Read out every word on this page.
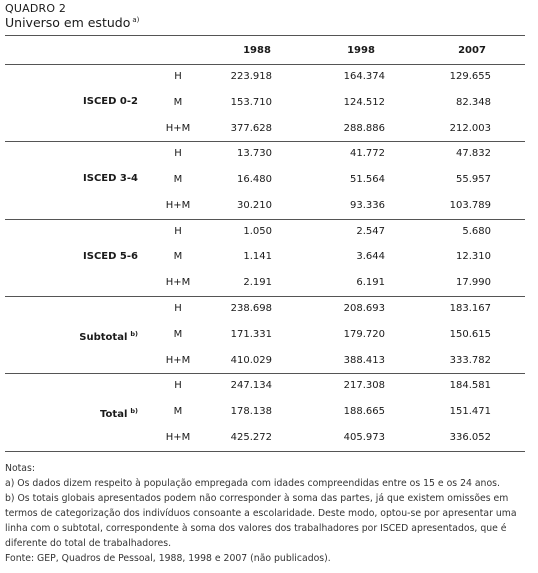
QUADRO 2
Universo em estudo $^{a)}$
1988	1998	2007
ISCED 0-2
H	223.918	164.374	129.655
M	153.710	124.512	82.348
H+M	377.628	288.886	212.003
ISCED 3-4
H	13.730	41.772	47.832
M	16.480	51.564	55.957
H+M	30.210	93.336	103.789
ISCED 5-6
H	1.050	2.547	5.680
M	1.141	3.644	12.310
H+M	2.191	6.191	17.990
Subtotal $^{b)}$
H	238.698	208.693	183.167
M	171.331	179.720	150.615
H+M	410.029	388.413	333.782
Total $^{b)}$
H	247.134	217.308	184.581
M	178.138	188.665	151.471
H+M	425.272	405.973	336.052
Notas:
a) Os dados dizem respeito à população empregada com idades compreendidas entre os 15 e os 24 anos.
b) Os totais globais apresentados podem não corresponder à soma das partes, já que existem omissões em termos de categorização dos indivíduos consoante a escolaridade. Deste modo, optou-se por apresentar uma linha com o subtotal, correspondente à soma dos valores dos trabalhadores por ISCED apresentados, que é diferente do total de trabalhadores.
Fonte: GEP, Quadros de Pessoal, 1988, 1998 e 2007 (não publicados).
